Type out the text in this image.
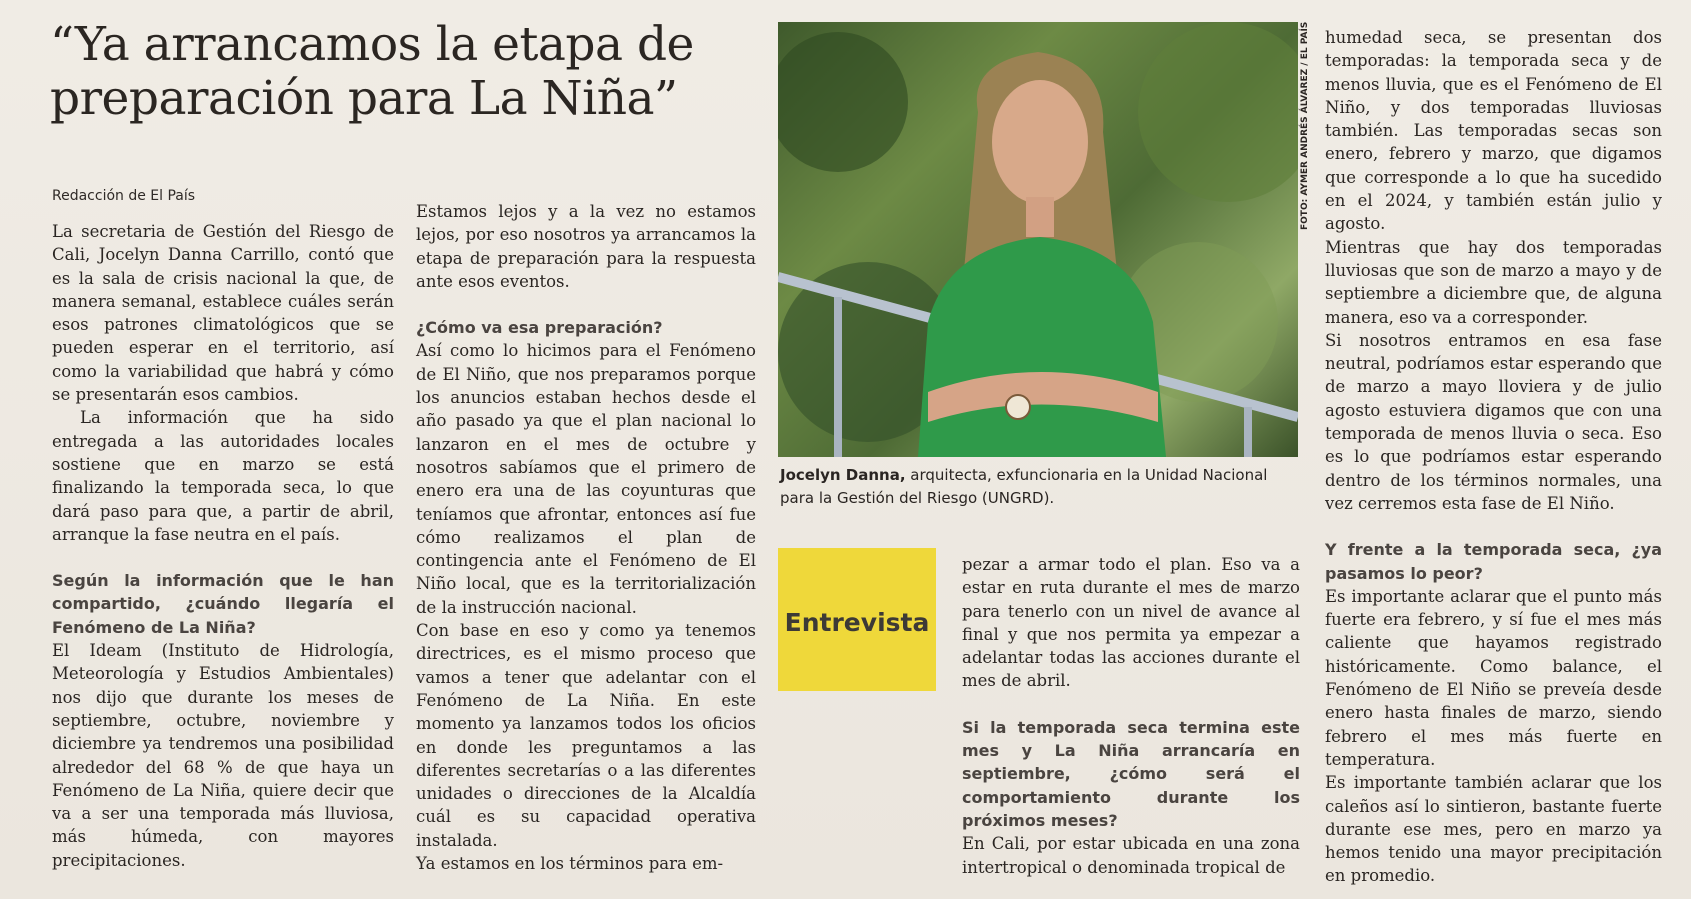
“Ya arrancamos la etapa de
preparación para La Niña”
Redacción de El País

La secretaria de Gestión del Riesgo de Cali, Jocelyn Danna Carrillo, contó que es la sala de crisis nacional la que, de manera semanal, establece cuáles serán esos patrones climatológicos que se pueden esperar en el territorio, así como la variabilidad que habrá y cómo se presentarán esos cambios.

La información que ha sido entregada a las autoridades locales sostiene que en marzo se está finalizando la temporada seca, lo que dará paso para que, a partir de abril, arranque la fase neutra en el país.

Según la información que le han compartido, ¿cuándo llegaría el Fenómeno de La Niña?

El Ideam (Instituto de Hidrología, Meteorología y Estudios Ambientales) nos dijo que durante los meses de septiembre, octubre, noviembre y diciembre ya tendremos una posibilidad alrededor del 68 % de que haya un Fenómeno de La Niña, quiere decir que va a ser una temporada más lluviosa, más húmeda, con mayores precipitaciones.

Estamos lejos y a la vez no estamos lejos, por eso nosotros ya arrancamos la etapa de preparación para la respuesta ante esos eventos.

¿Cómo va esa preparación?

Así como lo hicimos para el Fenómeno de El Niño, que nos preparamos porque los anuncios estaban hechos desde el año pasado ya que el plan nacional lo lanzaron en el mes de octubre y nosotros sabíamos que el primero de enero era una de las coyunturas que teníamos que afrontar, entonces así fue cómo realizamos el plan de contingencia ante el Fenómeno de El Niño local, que es la territorialización de la instrucción nacional.

Con base en eso y como ya tenemos directrices, es el mismo proceso que vamos a tener que adelantar con el Fenómeno de La Niña. En este momento ya lanzamos todos los oficios en donde les preguntamos a las diferentes secretarías o a las diferentes unidades o direcciones de la Alcaldía cuál es su capacidad operativa instalada.

Ya estamos en los términos para em-

FOTO: AYMER ANDRÉS ÁLVAREZ / EL PAÍS
Jocelyn Danna, arquitecta, exfuncionaria en la Unidad Nacional para la Gestión del Riesgo (UNGRD).
Entrevista

pezar a armar todo el plan. Eso va a estar en ruta durante el mes de marzo para tenerlo con un nivel de avance al final y que nos permita ya empezar a adelantar todas las acciones durante el mes de abril.

Si la temporada seca termina este mes y La Niña arrancaría en septiembre, ¿cómo será el comportamiento durante los próximos meses?

En Cali, por estar ubicada en una zona intertropical o denominada tropical de

humedad seca, se presentan dos temporadas: la temporada seca y de menos lluvia, que es el Fenómeno de El Niño, y dos temporadas lluviosas también. Las temporadas secas son enero, febrero y marzo, que digamos que corresponde a lo que ha sucedido en el 2024, y también están julio y agosto.

Mientras que hay dos temporadas lluviosas que son de marzo a mayo y de septiembre a diciembre que, de alguna manera, eso va a corresponder.

Si nosotros entramos en esa fase neutral, podríamos estar esperando que de marzo a mayo lloviera y de julio agosto estuviera digamos que con una temporada de menos lluvia o seca. Eso es lo que podríamos estar esperando dentro de los términos normales, una vez cerremos esta fase de El Niño.

Y frente a la temporada seca, ¿ya pasamos lo peor?

Es importante aclarar que el punto más fuerte era febrero, y sí fue el mes más caliente que hayamos registrado históricamente. Como balance, el Fenómeno de El Niño se preveía desde enero hasta finales de marzo, siendo febrero el mes más fuerte en temperatura.

Es importante también aclarar que los caleños así lo sintieron, bastante fuerte durante ese mes, pero en marzo ya hemos tenido una mayor precipitación en promedio.
